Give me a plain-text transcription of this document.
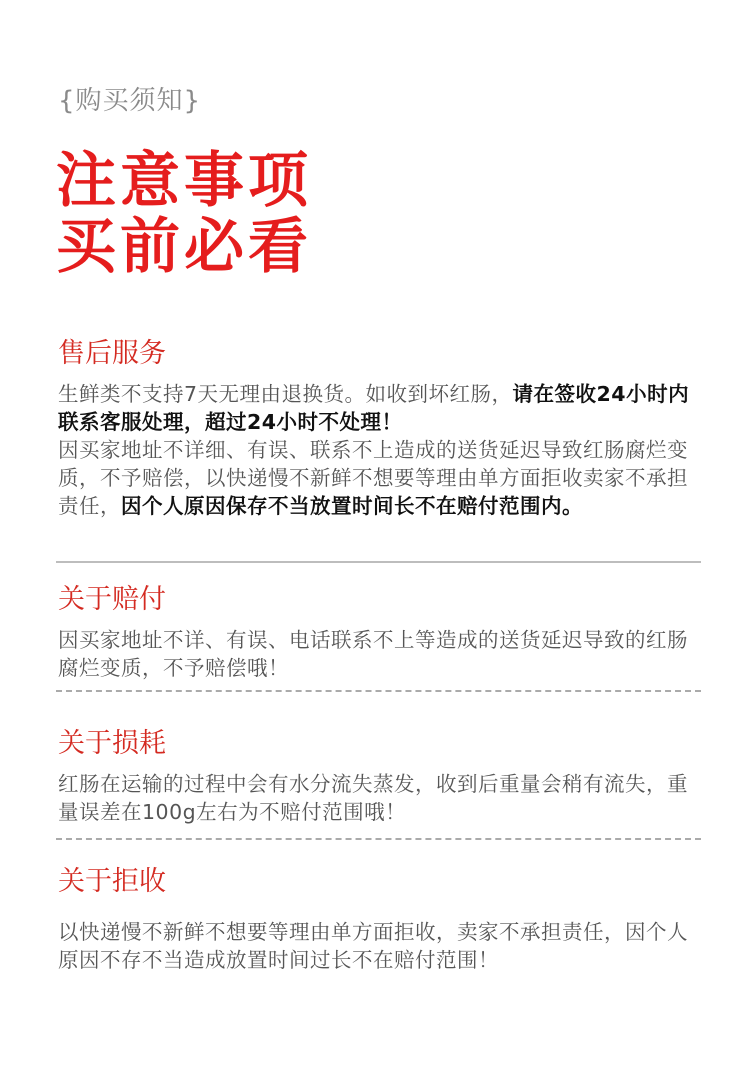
{购买须知}
注意事项
买前必看
售后服务
生鲜类不支持7天无理由退换货。如收到坏红肠，请在签收24小时内联系客服处理，超过24小时不处理！
因买家地址不详细、有误、联系不上造成的送货延迟导致红肠腐烂变质，不予赔偿，以快递慢不新鲜不想要等理由单方面拒收卖家不承担责任，因个人原因保存不当放置时间长不在赔付范围内。
关于赔付
因买家地址不详、有误、电话联系不上等造成的送货延迟导致的红肠腐烂变质，不予赔偿哦！
关于损耗
红肠在运输的过程中会有水分流失蒸发，收到后重量会稍有流失，重量误差在100g左右为不赔付范围哦！
关于拒收
以快递慢不新鲜不想要等理由单方面拒收，卖家不承担责任，因个人原因不存不当造成放置时间过长不在赔付范围！
